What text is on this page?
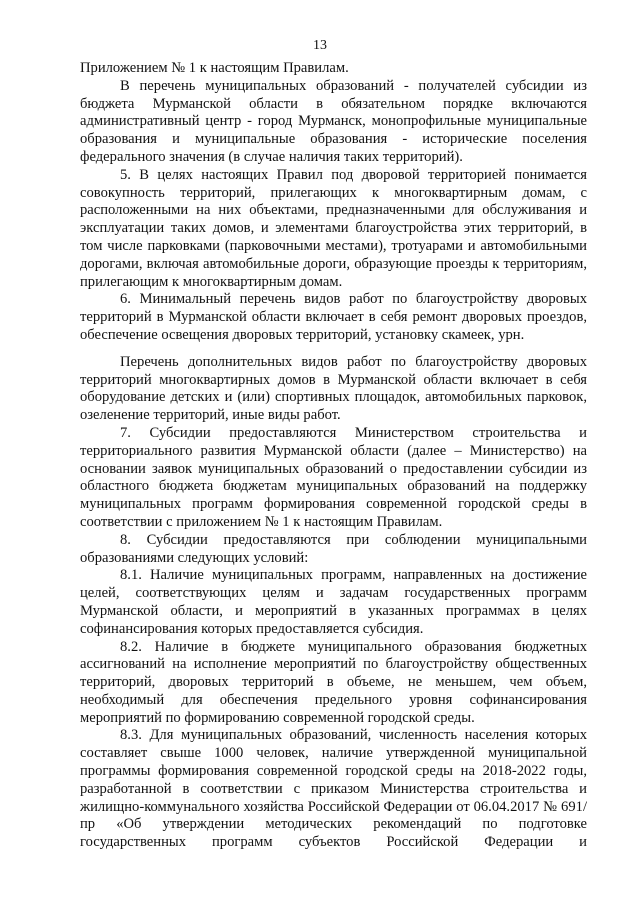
13

Приложением № 1 к настоящим Правилам.

В перечень муниципальных образований - получателей субсидии из бюджета Мурманской области в обязательном порядке включаются административный центр - город Мурманск, монопрофильные муниципальные образования и муниципальные образования - исторические поселения федерального значения (в случае наличия таких территорий).

5. В целях настоящих Правил под дворовой территорией понимается совокупность территорий, прилегающих к многоквартирным домам, с расположенными на них объектами, предназначенными для обслуживания и эксплуатации таких домов, и элементами благоустройства этих территорий, в том числе парковками (парковочными местами), тротуарами и автомобильными дорогами, включая автомобильные дороги, образующие проезды к территориям, прилегающим к многоквартирным домам.

6. Минимальный перечень видов работ по благоустройству дворовых территорий в Мурманской области включает в себя ремонт дворовых проездов, обеспечение освещения дворовых территорий, установку скамеек, урн.

Перечень дополнительных видов работ по благоустройству дворовых территорий многоквартирных домов в Мурманской области включает в себя оборудование детских и (или) спортивных площадок, автомобильных парковок, озеленение территорий, иные виды работ.

7. Субсидии предоставляются Министерством строительства и территориального развития Мурманской области (далее – Министерство) на основании заявок муниципальных образований о предоставлении субсидии из областного бюджета бюджетам муниципальных образований на поддержку муниципальных программ формирования современной городской среды в соответствии с приложением № 1 к настоящим Правилам.

8. Субсидии предоставляются при соблюдении муниципальными образованиями следующих условий:

8.1. Наличие муниципальных программ, направленных на достижение целей, соответствующих целям и задачам государственных программ Мурманской области, и мероприятий в указанных программах в целях софинансирования которых предоставляется субсидия.

8.2. Наличие в бюджете муниципального образования бюджетных ассигнований на исполнение мероприятий по благоустройству общественных территорий, дворовых территорий в объеме, не меньшем, чем объем, необходимый для обеспечения предельного уровня софинансирования мероприятий по формированию современной городской среды.

8.3. Для муниципальных образований, численность населения которых составляет свыше 1000 человек, наличие утвержденной муниципальной программы формирования современной городской среды на 2018-2022 годы, разработанной в соответствии с приказом Министерства строительства и жилищно-коммунального хозяйства Российской Федерации от 06.04.2017 № 691/пр «Об утверждении методических рекомендаций по подготовке государственных программ субъектов Российской Федерации и
